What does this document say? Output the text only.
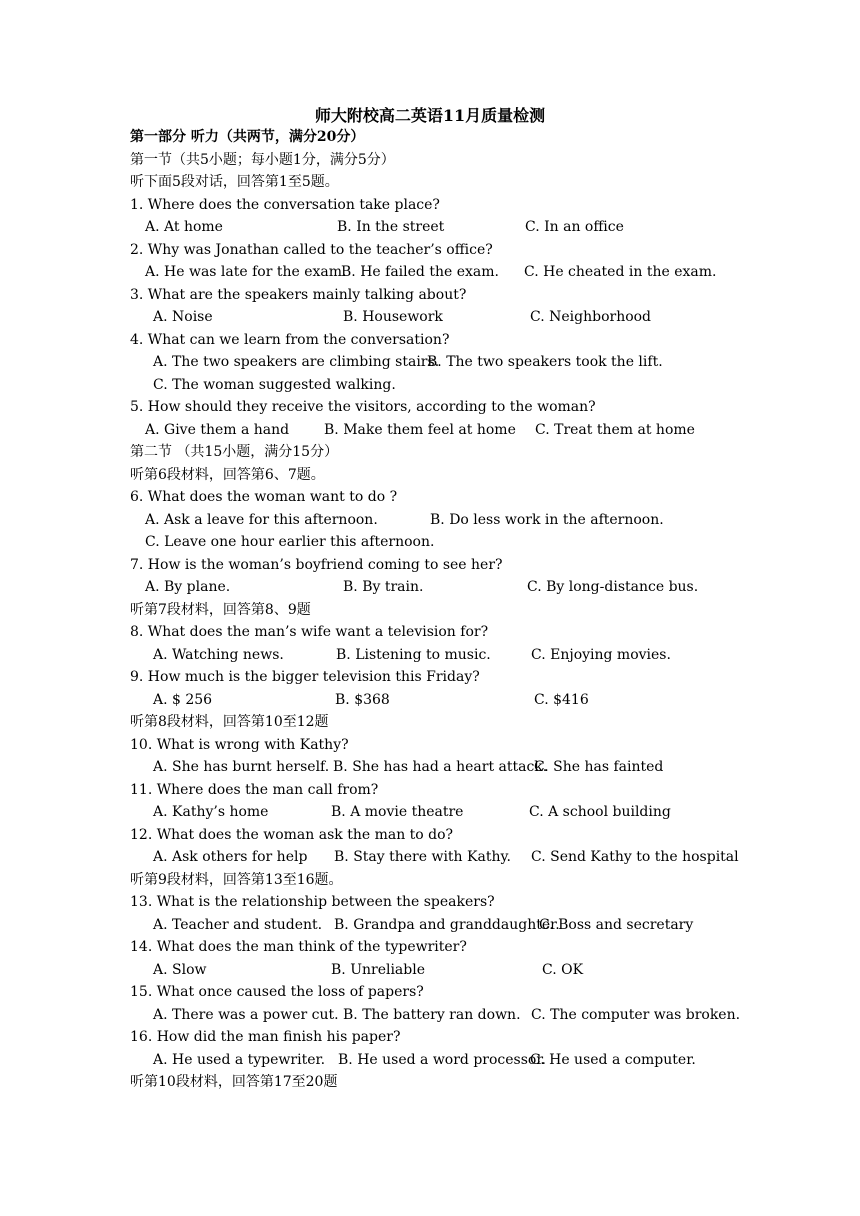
师大附校高二英语11月质量检测
第一部分 听力（共两节，满分20分）
第一节（共5小题；每小题1分，满分5分）
听下面5段对话，回答第1至5题。
1. Where does the conversation take place?
A. At home	B. In the street	C. In an office
2. Why was Jonathan called to the teacher’s office?
A. He was late for the exam.
B. He failed the exam. C. He cheated in the exam.
3. What are the speakers mainly talking about?
A. Noise	B. Housework	C. Neighborhood
4. What can we learn from the conversation?
A. The two speakers are climbing stairs.
B. The two speakers took the lift.
C. The woman suggested walking.
5. How should they receive the visitors, according to the woman?
A. Give them a hand B. Make them feel at home C. Treat them at home
第二节 （共15小题，满分15分）
听第6段材料，回答第6、7题。
6. What does the woman want to do ?
A. Ask a leave for this afternoon.	B. Do less work in the afternoon.
C. Leave one hour earlier this afternoon.
7. How is the woman’s boyfriend coming to see her?
A. By plane.	B. By train.	C. By long-distance bus.
听第7段材料，回答第8、9题
8. What does the man’s wife want a television for?
A. Watching news.	B. Listening to music.	C. Enjoying movies.
9. How much is the bigger television this Friday?
A. $ 256	B. $368	C. $416
听第8段材料，回答第10至12题
10. What is wrong with Kathy?
A. She has burnt herself. B. She has had a heart attack.
C. She has fainted
11. Where does the man call from?
A. Kathy’s home	B. A movie theatre	C. A school building
12. What does the woman ask the man to do?
A. Ask others for help B. Stay there with Kathy. C. Send Kathy to the hospital
听第9段材料，回答第13至16题。
13. What is the relationship between the speakers?
A. Teacher and student. B. Grandpa and granddaughter.
C. Boss and secretary
14. What does the man think of the typewriter?
A. Slow	B. Unreliable	C. OK
15. What once caused the loss of papers?
A. There was a power cut. B. The battery ran down. C. The computer was broken.
16. How did the man finish his paper?
A. He used a typewriter. B. He used a word processor.
C. He used a computer.
听第10段材料，回答第17至20题
